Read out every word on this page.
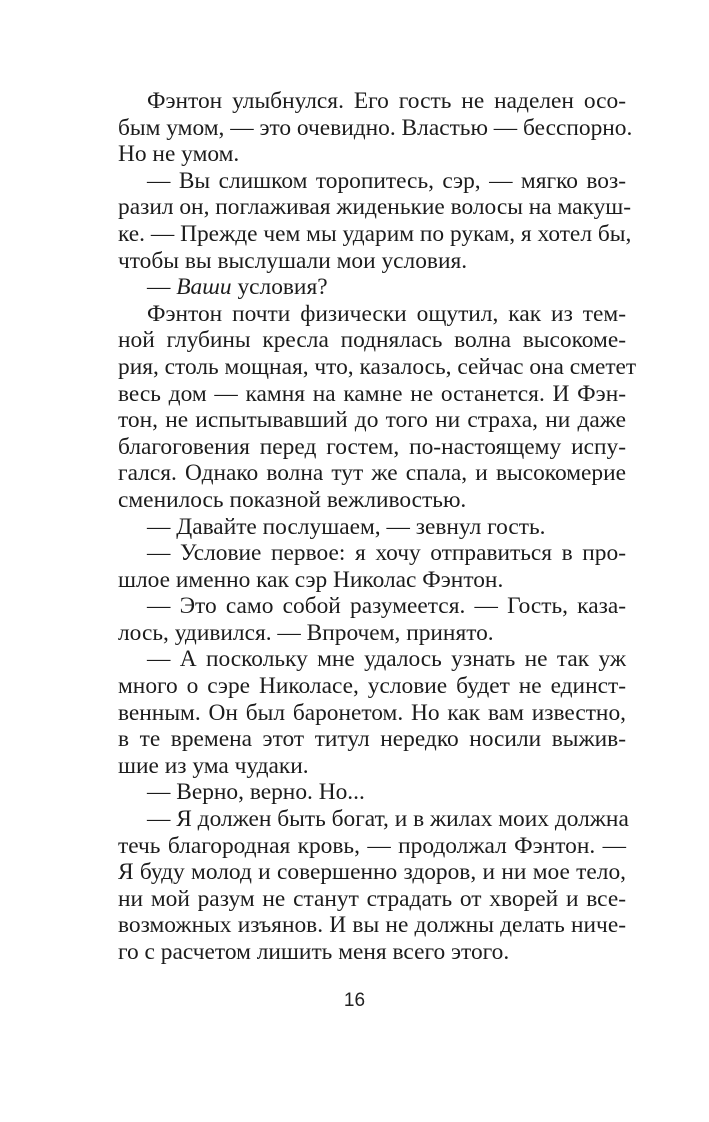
Фэнтон улыбнулся. Его гость не наделен осо-
бым умом, — это очевидно. Властью — бесспорно.
Но не умом.
— Вы слишком торопитесь, сэр, — мягко воз-
разил он, поглаживая жиденькие волосы на макуш-
ке. — Прежде чем мы ударим по рукам, я хотел бы,
чтобы вы выслушали мои условия.
— Ваши условия?
Фэнтон почти физически ощутил, как из тем-
ной глубины кресла поднялась волна высокоме-
рия, столь мощная, что, казалось, сейчас она сметет
весь дом — камня на камне не останется. И Фэн-
тон, не испытывавший до того ни страха, ни даже
благоговения перед гостем, по-настоящему испу-
гался. Однако волна тут же спала, и высокомерие
сменилось показной вежливостью.
— Давайте послушаем, — зевнул гость.
— Условие первое: я хочу отправиться в про-
шлое именно как сэр Николас Фэнтон.
— Это само собой разумеется. — Гость, каза-
лось, удивился. — Впрочем, принято.
— А поскольку мне удалось узнать не так уж
много о сэре Николасе, условие будет не единст-
венным. Он был баронетом. Но как вам известно,
в те времена этот титул нередко носили выжив-
шие из ума чудаки.
— Верно, верно. Но...
— Я должен быть богат, и в жилах моих должна
течь благородная кровь, — продолжал Фэнтон. —
Я буду молод и совершенно здоров, и ни мое тело,
ни мой разум не станут страдать от хворей и все-
возможных изъянов. И вы не должны делать ниче-
го с расчетом лишить меня всего этого.
16
